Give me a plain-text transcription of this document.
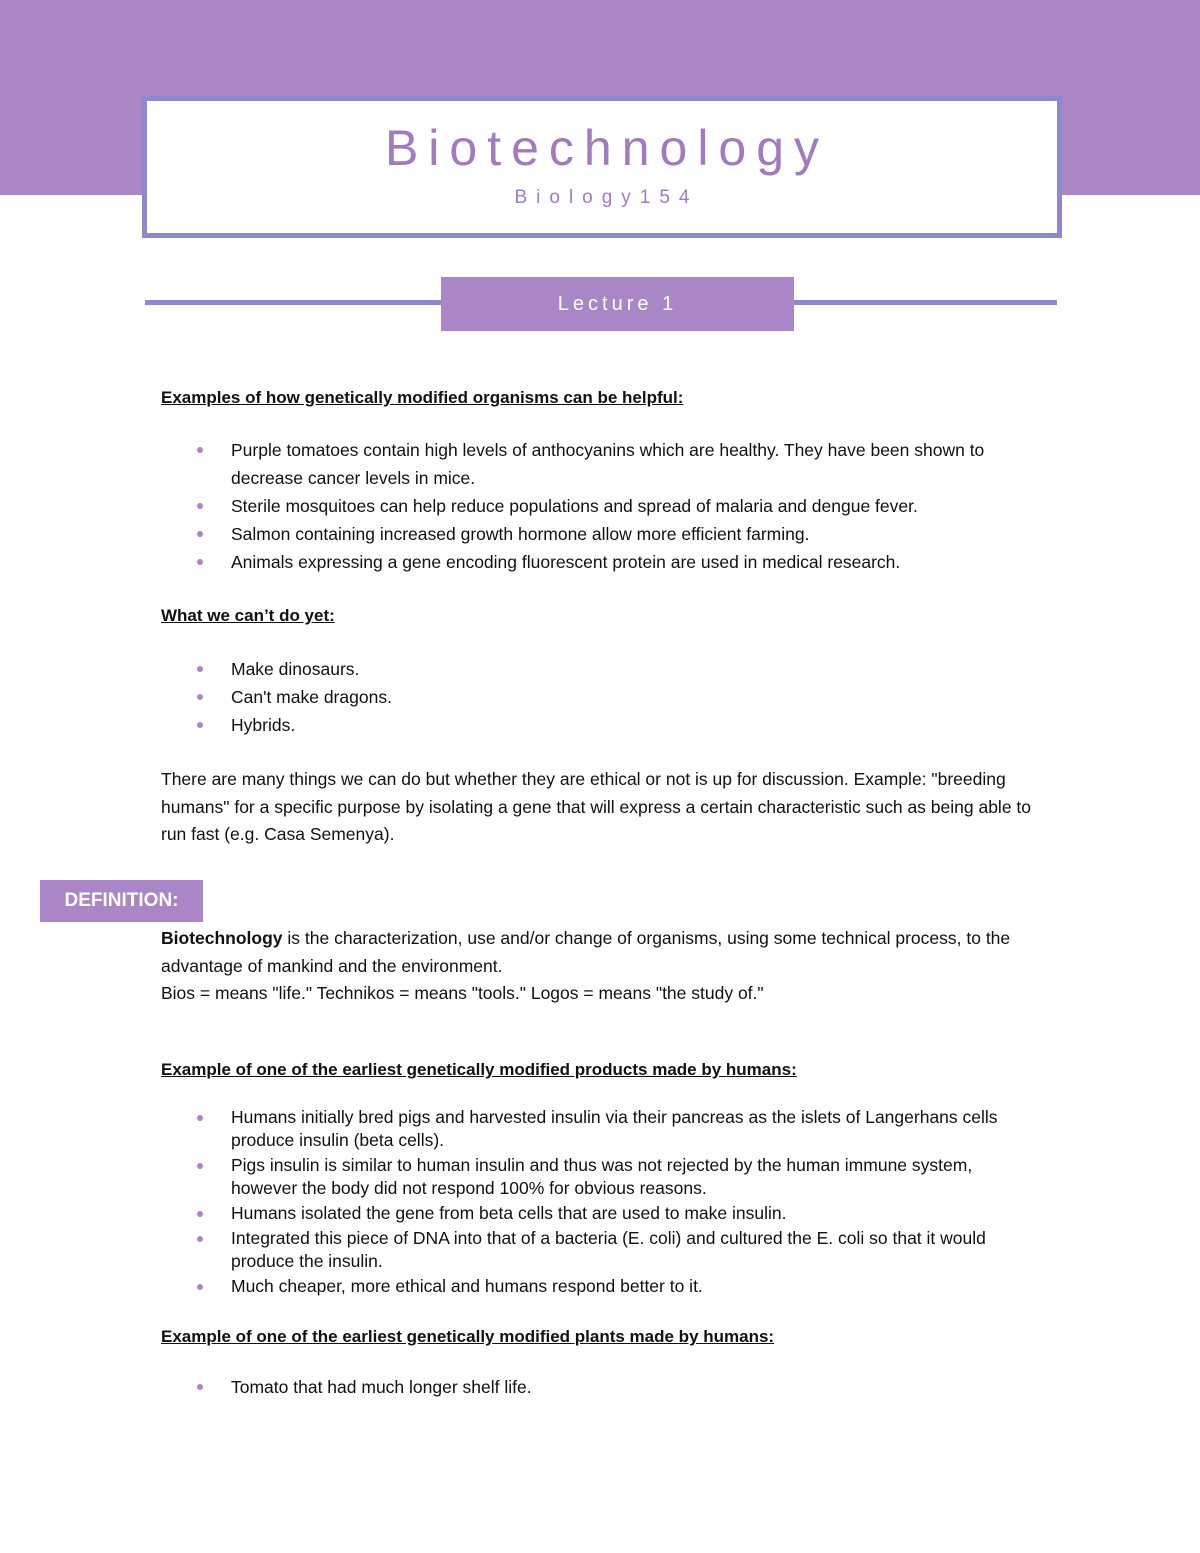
Biotechnology
Biology154
Lecture 1
Examples of how genetically modified organisms can be helpful:
Purple tomatoes contain high levels of anthocyanins which are healthy. They have been shown to decrease cancer levels in mice.
Sterile mosquitoes can help reduce populations and spread of malaria and dengue fever.
Salmon containing increased growth hormone allow more efficient farming.
Animals expressing a gene encoding fluorescent protein are used in medical research.
What we can’t do yet:
Make dinosaurs.
Can't make dragons.
Hybrids.

There are many things we can do but whether they are ethical or not is up for discussion. Example: "breeding humans" for a specific purpose by isolating a gene that will express a certain characteristic such as being able to run fast (e.g. Casa Semenya).

DEFINITION:

Biotechnology is the characterization, use and/or change of organisms, using some technical process, to the advantage of mankind and the environment.

Bios = means "life." Technikos = means "tools." Logos = means "the study of."

Example of one of the earliest genetically modified products made by humans:
Humans initially bred pigs and harvested insulin via their pancreas as the islets of Langerhans cells produce insulin (beta cells).
Pigs insulin is similar to human insulin and thus was not rejected by the human immune system, however the body did not respond 100% for obvious reasons.
Humans isolated the gene from beta cells that are used to make insulin.
Integrated this piece of DNA into that of a bacteria (E. coli) and cultured the E. coli so that it would produce the insulin.
Much cheaper, more ethical and humans respond better to it.
Example of one of the earliest genetically modified plants made by humans:
Tomato that had much longer shelf life.
